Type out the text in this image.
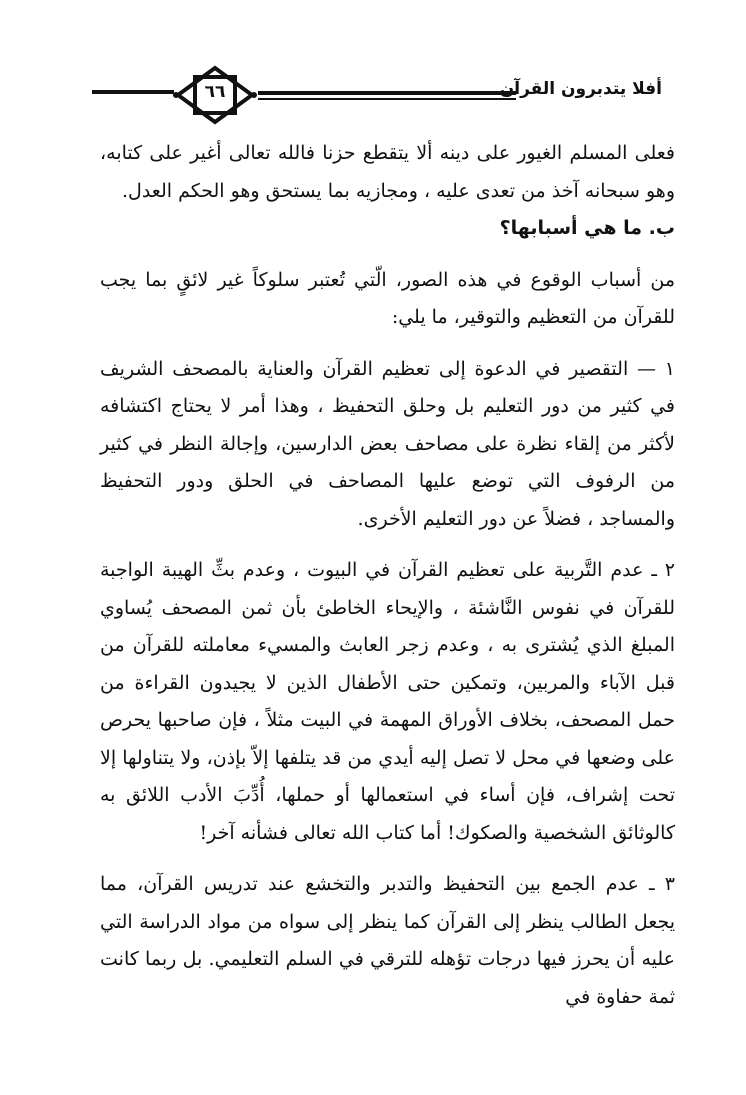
٦٦	أفلا يتدبرون القرآن

فعلى المسلم الغيور على دينه ألا يتقطع حزنا فالله تعالى أغير على كتابه، وهو سبحانه آخذ من تعدى عليه ، ومجازيه بما يستحق وهو الحكم العدل.

ب. ما هي أسبابها؟

من أسباب الوقوع في هذه الصور، الّتي تُعتبر سلوكاً غير لائقٍ بما يجب للقرآن من التعظيم والتوقير، ما يلي:

١ — التقصير في الدعوة إلى تعظيم القرآن والعناية بالمصحف الشريف في كثير من دور التعليم بل وحلق التحفيظ ، وهذا أمر لا يحتاج اكتشافه لأكثر من إلقاء نظرة على مصاحف بعض الدارسين، وإجالة النظر في كثير من الرفوف التي توضع عليها المصاحف في الحلق ودور التحفيظ والمساجد ، فضلاً عن دور التعليم الأخرى.

٢ ـ عدم التَّربية على تعظيم القرآن في البيوت ، وعدم بثِّ الهيبة الواجبة للقرآن في نفوس النَّاشئة ، والإيحاء الخاطئ بأن ثمن المصحف يُساوي المبلغ الذي يُشترى به ، وعدم زجر العابث والمسيء معاملته للقرآن من قبل الآباء والمربين، وتمكين حتى الأطفال الذين لا يجيدون القراءة من حمل المصحف، بخلاف الأوراق المهمة في البيت مثلاً ، فإن صاحبها يحرص على وضعها في محل لا تصل إليه أيدي من قد يتلفها إلاّ بإذن، ولا يتناولها إلا تحت إشراف، فإن أساء في استعمالها أو حملها، أُدِّبَ الأدب اللائق به كالوثائق الشخصية والصكوك! أما كتاب الله تعالى فشأنه آخر!

٣ ـ عدم الجمع بين التحفيظ والتدبر والتخشع عند تدريس القرآن، مما يجعل الطالب ينظر إلى القرآن كما ينظر إلى سواه من مواد الدراسة التي عليه أن يحرز فيها درجات تؤهله للترقي في السلم التعليمي. بل ربما كانت ثمة حفاوة في
